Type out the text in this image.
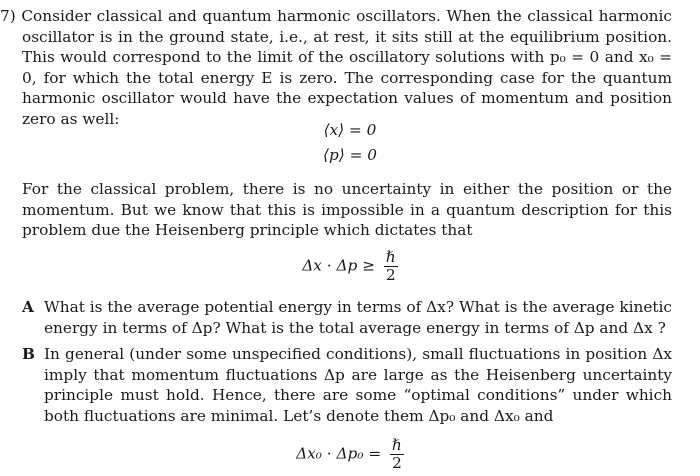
7) Consider classical and quantum harmonic oscillators. When the classical harmonic oscillator is in the ground state, i.e., at rest, it sits still at the equilibrium position. This would correspond to the limit of the oscillatory solutions with p₀ = 0 and x₀ = 0, for which the total energy E is zero. The corresponding case for the quantum harmonic oscillator would have the expectation values of momentum and position zero as well:

⟨x⟩ = 0
⟨p⟩ = 0

For the classical problem, there is no uncertainty in either the position or the momentum. But we know that this is impossible in a quantum description for this problem due the Heisenberg principle which dictates that

$\Delta x \cdot \Delta p \ge \frac{\text{ℏ}}{2}$
A What is the average potential energy in terms of Δx? What is the average kinetic energy in terms of Δp? What is the total average energy in terms of Δp and Δx ?
B In general (under some unspecified conditions), small fluctuations in position Δx imply that momentum fluctuations Δp are large as the Heisenberg uncertainty principle must hold. Hence, there are some “optimal conditions” under which both fluctuations are minimal. Let’s denote them Δp₀ and Δx₀ and
$\Delta x_0 \cdot \Delta p_0 = \frac{\text{ℏ}}{2}$
